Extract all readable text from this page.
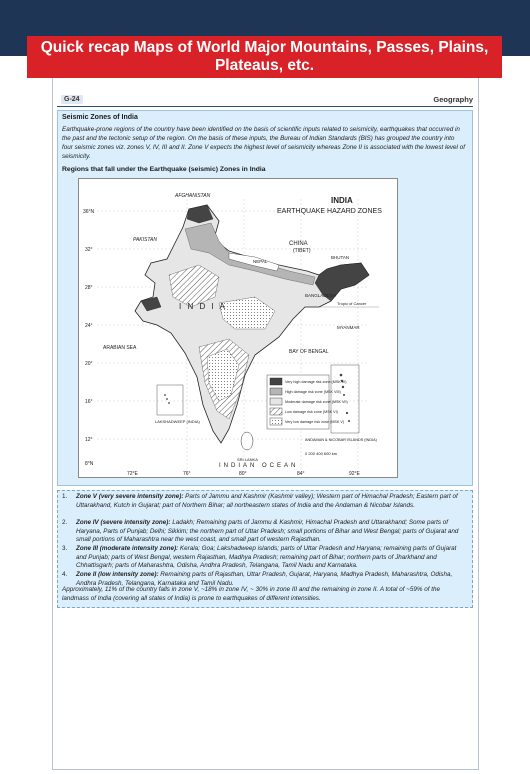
Quick recap Maps of World Major Mountains, Passes, Plains, Plateaus, etc.
G-24	Geography
Seismic Zones of India

Earthquake-prone regions of the country have been identified on the basis of scientific inputs related to seismicity, earthquakes that occurred in the past and the tectonic setup of the region. On the basis of these inputs, the Bureau of Indian Standards (BIS) has grouped the country into four seismic zones viz. zones V, IV, III and II. Zone V expects the highest level of seismicity whereas Zone II is associated with the lowest level of seismicity.

Regions that fall under the Earthquake (seismic) Zones in India
INDIA
EARTHQUAKE HAZARD ZONES
36°N
32°
28°
24°
20°
16°
12°
8°N
72°E	76°	80°	84°	92°E
AFGHANISTAN
PAKISTAN
CHINA
(TIBET)
NEPAL
BHUTAN
BANGLADESH
MYANMAR
I N D I A
ARABIAN SEA
BAY OF BENGAL
INDIAN OCEAN
SRI LANKA
Tropic of Cancer
LAKSHADWEEP (INDIA)
ANDAMAN & NICOBAR ISLANDS (INDIA)
0 200 400 600 km
Very high damage risk zone (MSK IX)
High damage risk zone (MSK VIII)
Moderate damage risk zone (MSK VII)
Low damage risk zone (MSK VI)
Very low damage risk zone (MSK V)
1.	Zone V (very severe intensity zone): Parts of Jammu and Kashmir (Kashmir valley); Western part of Himachal Pradesh; Eastern part of Uttarakhand, Kutch in Gujarat; part of Northern Bihar; all northeastern states of India and the Andaman & Nicobar Islands.
2.	Zone IV (severe intensity zone): Ladakh; Remaining parts of Jammu & Kashmir, Himachal Pradesh and Uttarakhand; Some parts of Haryana, Parts of Punjab; Delhi; Sikkim; the northern part of Uttar Pradesh; small portions of Bihar and West Bengal; parts of Gujarat and small portions of Maharashtra near the west coast, and small part of western Rajasthan.
3.	Zone III (moderate intensity zone): Kerala; Goa; Lakshadweep islands; parts of Uttar Pradesh and Haryana; remaining parts of Gujarat and Punjab; parts of West Bengal, western Rajasthan, Madhya Pradesh; remaining part of Bihar; northern parts of Jharkhand and Chhattisgarh; parts of Maharashtra, Odisha, Andhra Pradesh, Telangana, Tamil Nadu and Karnataka.
4.	Zone II (low intensity zone): Remaining parts of Rajasthan, Uttar Pradesh, Gujarat, Haryana, Madhya Pradesh, Maharashtra, Odisha, Andhra Pradesh, Telangana, Karnataka and Tamil Nadu.
Approximately, 11% of the country falls in zone V, ~18% in zone IV, ~ 30% in zone III and the remaining in zone II. A total of ~59% of the landmass of India (covering all states of India) is prone to earthquakes of different intensities.
